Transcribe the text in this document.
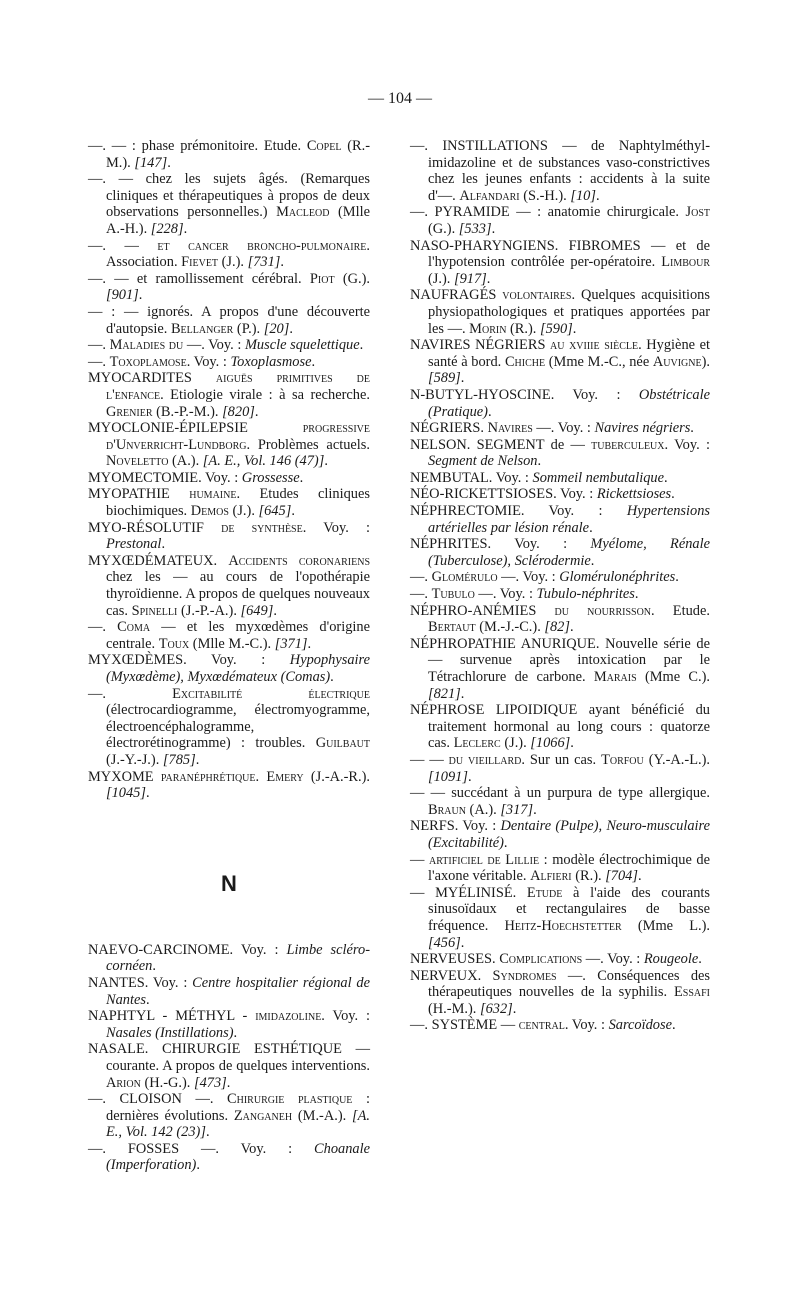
— 104 —

—. — : phase prémonitoire. Etude. Copel (R.-M.). [147].

—. — chez les sujets âgés. (Remarques cliniques et thérapeutiques à propos de deux observations personnelles.) Macleod (Mlle A.-H.). [228].

—. — et cancer broncho-pulmonaire. Association. Fievet (J.). [731].

—. — et ramollissement cérébral. Piot (G.). [901].

— : — ignorés. A propos d'une découverte d'autopsie. Bellanger (P.). [20].

—. Maladies du —. Voy. : Muscle squelettique.

—. Toxoplamose. Voy. : Toxoplasmose.

MYOCARDITES aiguës primitives de l'enfance. Etiologie virale : à sa recherche. Grenier (B.-P.-M.). [820].

MYOCLONIE-ÉPILEPSIE progressive d'Unverricht-Lundborg. Problèmes actuels. Noveletto (A.). [A. E., Vol. 146 (47)].

MYOMECTOMIE. Voy. : Grossesse.

MYOPATHIE humaine. Etudes cliniques biochimiques. Demos (J.). [645].

MYO-RÉSOLUTIF de synthèse. Voy. : Prestonal.

MYXŒDÉMATEUX. Accidents coronariens chez les — au cours de l'opothérapie thyroïdienne. A propos de quelques nouveaux cas. Spinelli (J.-P.-A.). [649].

—. Coma — et les myxœdèmes d'origine centrale. Toux (Mlle M.-C.). [371].

MYXŒDÈMES. Voy. : Hypophysaire (Myxœdème), Myxœdémateux (Comas).

—. Excitabilité électrique (électrocardiogramme, électromyogramme, électroencéphalogramme, électrorétinogramme) : troubles. Guilbaut (J.-Y.-J.). [785].

MYXOME paranéphrétique. Emery (J.-A.-R.). [1045].

N

NAEVO-CARCINOME. Voy. : Limbe scléro-cornéen.

NANTES. Voy. : Centre hospitalier régional de Nantes.

NAPHTYL - MÉTHYL - imidazoline. Voy. : Nasales (Instillations).

NASALE. CHIRURGIE ESTHÉTIQUE — courante. A propos de quelques interventions. Arion (H.-G.). [473].

—. CLOISON —. Chirurgie plastique : dernières évolutions. Zanganeh (M.-A.). [A. E., Vol. 142 (23)].

—. FOSSES —. Voy. : Choanale (Imperforation).

—. INSTILLATIONS — de Naphtylméthyl-imidazoline et de substances vaso-constrictives chez les jeunes enfants : accidents à la suite d'—. Alfandari (S.-H.). [10].

—. PYRAMIDE — : anatomie chirurgicale. Jost (G.). [533].

NASO-PHARYNGIENS. FIBROMES — et de l'hypotension contrôlée per-opératoire. Limbour (J.). [917].

NAUFRAGÉS volontaires. Quelques acquisitions physiopathologiques et pratiques apportées par les —. Morin (R.). [590].

NAVIRES NÉGRIERS au xviiie siècle. Hygiène et santé à bord. Chiche (Mme M.-C., née Auvigne). [589].

N-BUTYL-HYOSCINE. Voy. : Obstétricale (Pratique).

NÉGRIERS. Navires —. Voy. : Navires négriers.

NELSON. SEGMENT de — tuberculeux. Voy. : Segment de Nelson.

NEMBUTAL. Voy. : Sommeil nembutalique.

NÉO-RICKETTSIOSES. Voy. : Rickettsioses.

NÉPHRECTOMIE. Voy. : Hypertensions artérielles par lésion rénale.

NÉPHRITES. Voy. : Myélome, Rénale (Tuberculose), Sclérodermie.

—. Glomérulo —. Voy. : Glomérulonéphrites.

—. Tubulo —. Voy. : Tubulo-néphrites.

NÉPHRO-ANÉMIES du nourrisson. Etude. Bertaut (M.-J.-C.). [82].

NÉPHROPATHIE ANURIQUE. Nouvelle série de — survenue après intoxication par le Tétrachlorure de carbone. Marais (Mme C.). [821].

NÉPHROSE LIPOIDIQUE ayant bénéficié du traitement hormonal au long cours : quatorze cas. Leclerc (J.). [1066].

— — du vieillard. Sur un cas. Torfou (Y.-A.-L.). [1091].

— — succédant à un purpura de type allergique. Braun (A.). [317].

NERFS. Voy. : Dentaire (Pulpe), Neuro-musculaire (Excitabilité).

— artificiel de Lillie : modèle électrochimique de l'axone véritable. Alfieri (R.). [704].

— MYÉLINISÉ. Etude à l'aide des courants sinusoïdaux et rectangulaires de basse fréquence. Heitz-Hoechstetter (Mme L.). [456].

NERVEUSES. Complications —. Voy. : Rougeole.

NERVEUX. Syndromes —. Conséquences des thérapeutiques nouvelles de la syphilis. Essafi (H.-M.). [632].

—. SYSTÈME — central. Voy. : Sarcoïdose.
